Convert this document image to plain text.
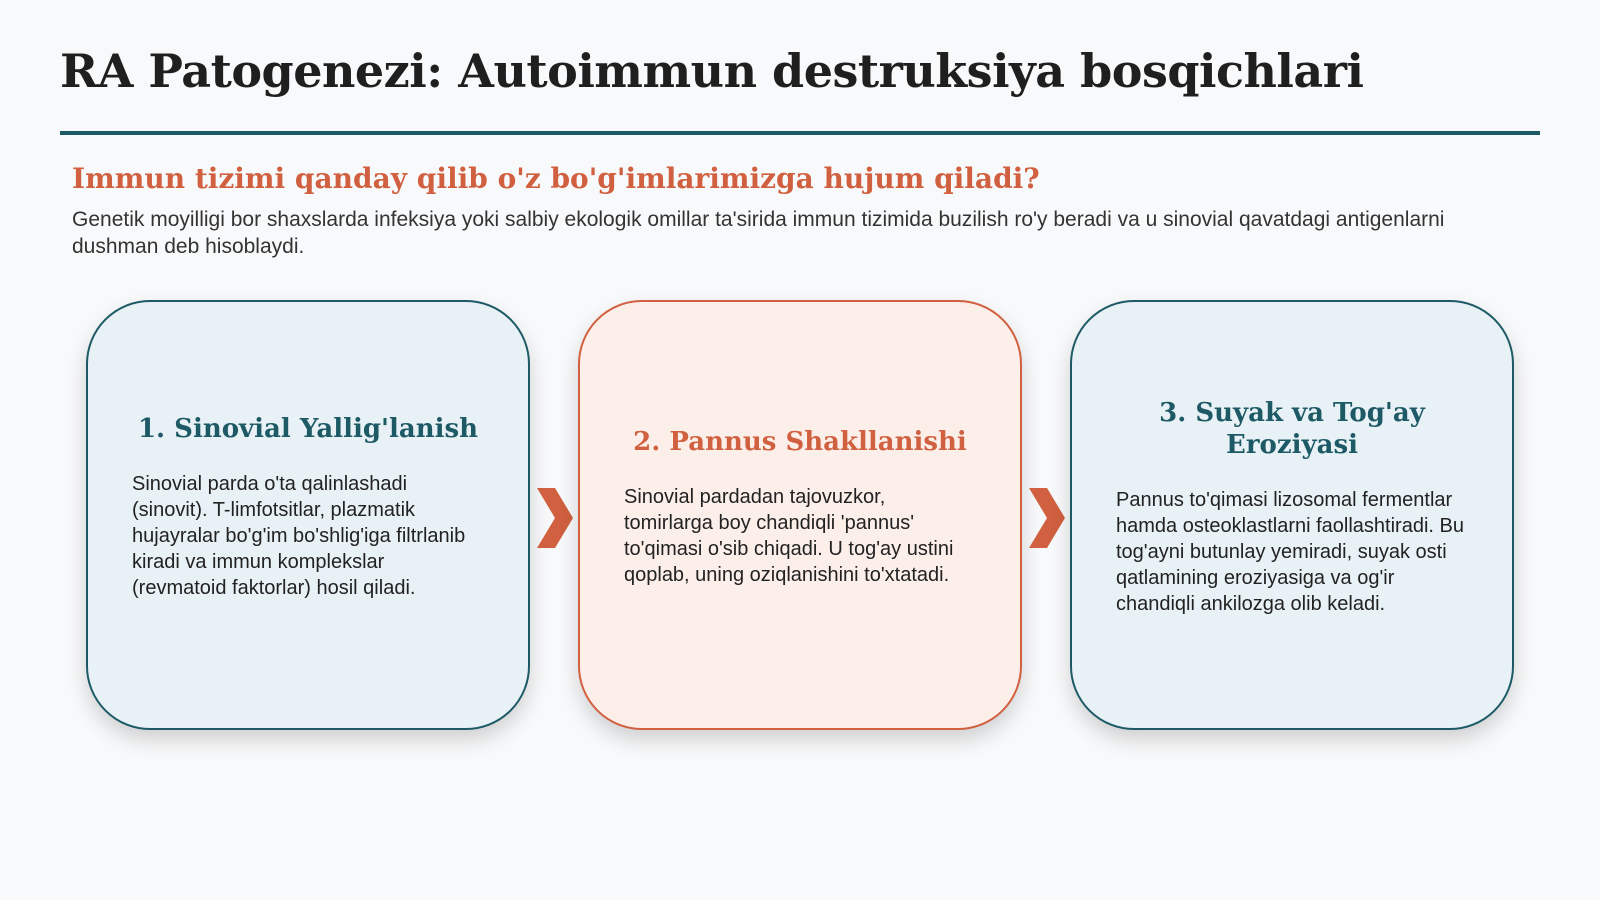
RA Patogenezi: Autoimmun destruksiya bosqichlari
Immun tizimi qanday qilib o'z bo'g'imlarimizga hujum qiladi?

Genetik moyilligi bor shaxslarda infeksiya yoki salbiy ekologik omillar ta'sirida immun tizimida buzilish ro'y beradi va u sinovial qavatdagi antigenlarni dushman deb hisoblaydi.

1. Sinovial Yallig'lanish

Sinovial parda o'ta qalinlashadi (sinovit). T-limfotsitlar, plazmatik hujayralar bo'g'im bo'shlig'iga filtrlanib kiradi va immun komplekslar (revmatoid faktorlar) hosil qiladi.

2. Pannus Shakllanishi

Sinovial pardadan tajovuzkor, tomirlarga boy chandiqli 'pannus' to'qimasi o'sib chiqadi. U tog'ay ustini qoplab, uning oziqlanishini to'xtatadi.

3. Suyak va Tog'ay Eroziyasi

Pannus to'qimasi lizosomal fermentlar hamda osteoklastlarni faollashtiradi. Bu tog'ayni butunlay yemiradi, suyak osti qatlamining eroziyasiga va og'ir chandiqli ankilozga olib keladi.
